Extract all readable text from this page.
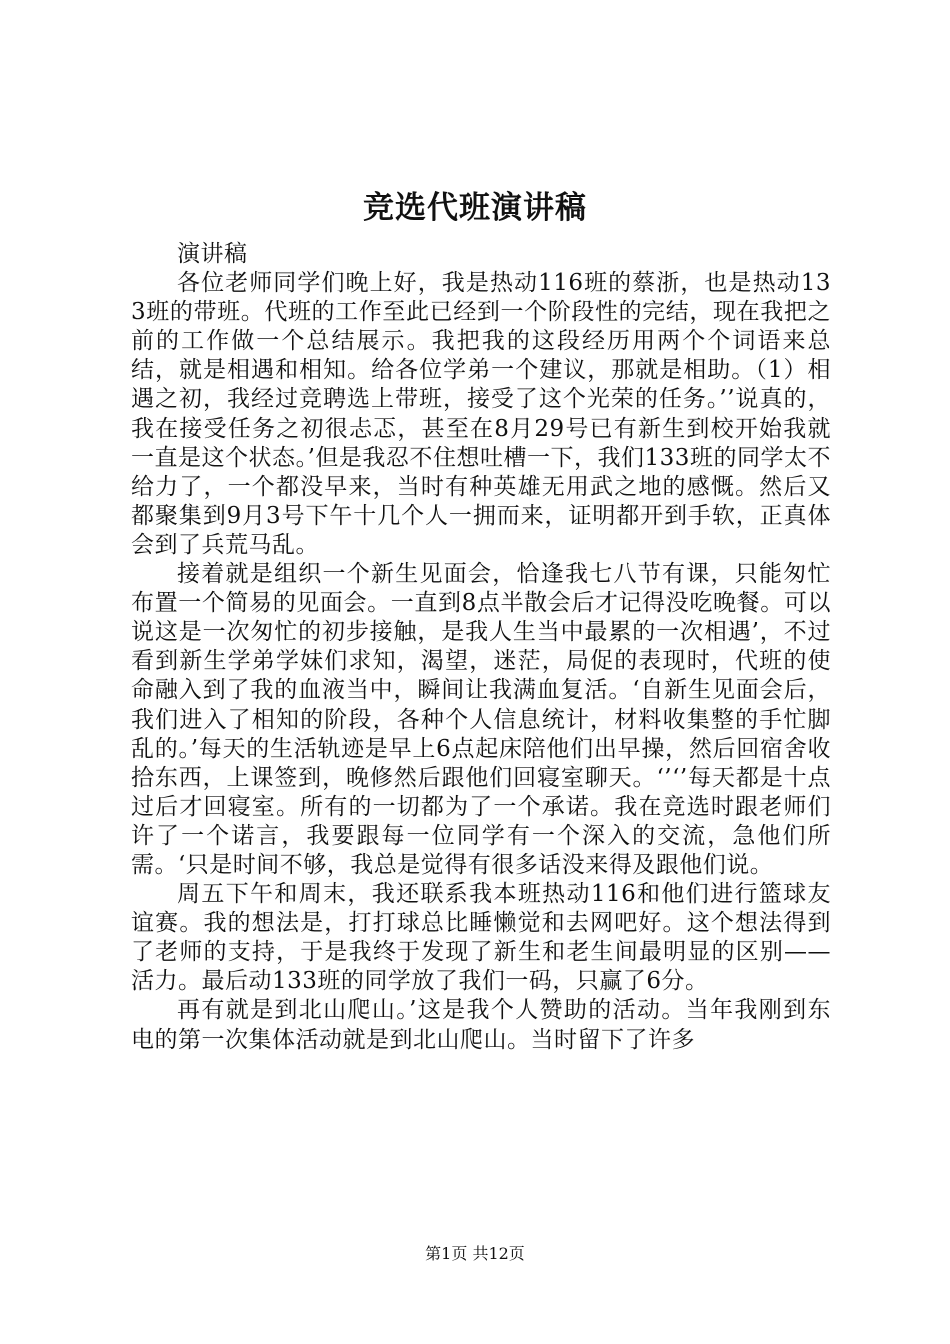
竞选代班演讲稿

演讲稿

各位老师同学们晚上好，我是热动116班的蔡浙，也是热动133班的带班。代班的工作至此已经到一个阶段性的完结，现在我把之前的工作做一个总结展示。我把我的这段经历用两个个词语来总结，就是相遇和相知。给各位学弟一个建议，那就是相助。（1）相遇之初，我经过竞聘选上带班，接受了这个光荣的任务。’’说真的，我在接受任务之初很忐忑，甚至在8月29号已有新生到校开始我就一直是这个状态。’但是我忍不住想吐槽一下，我们133班的同学太不给力了，一个都没早来，当时有种英雄无用武之地的感慨。然后又都聚集到9月3号下午十几个人一拥而来，证明都开到手软，正真体会到了兵荒马乱。

接着就是组织一个新生见面会，恰逢我七八节有课，只能匆忙布置一个简易的见面会。一直到8点半散会后才记得没吃晚餐。可以说这是一次匆忙的初步接触，是我人生当中最累的一次相遇’，不过看到新生学弟学妹们求知，渴望，迷茫，局促的表现时，代班的使命融入到了我的血液当中，瞬间让我满血复活。‘自新生见面会后，我们进入了相知的阶段，各种个人信息统计，材料收集整的手忙脚乱的。’每天的生活轨迹是早上6点起床陪他们出早操，然后回宿舍收拾东西，上课签到，晚修然后跟他们回寝室聊天。‘’‘’每天都是十点过后才回寝室。所有的一切都为了一个承诺。我在竞选时跟老师们许了一个诺言，我要跟每一位同学有一个深入的交流，急他们所需。‘只是时间不够，我总是觉得有很多话没来得及跟他们说。

周五下午和周末，我还联系我本班热动116和他们进行篮球友谊赛。我的想法是，打打球总比睡懒觉和去网吧好。这个想法得到了老师的支持，于是我终于发现了新生和老生间最明显的区别——活力。最后动133班的同学放了我们一码，只赢了6分。

再有就是到北山爬山。’这是我个人赞助的活动。当年我刚到东电的第一次集体活动就是到北山爬山。当时留下了许多

第1页 共12页
